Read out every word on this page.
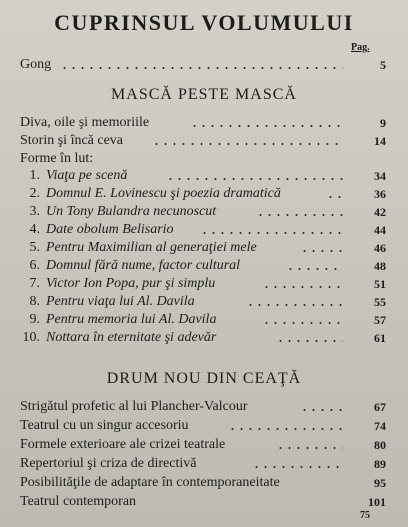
CUPRINSUL VOLUMULUI
Pag.
Gong	5
MASCĂ PESTE MASCĂ
Diva, oile şi memoriile	9
Storin şi încă ceva	14
Forme în lut:
1. Viaţa pe scenă	34
2. Domnul E. Lovinescu şi poezia dramatică	36
3. Un Tony Bulandra necunoscut	42
4. Date obolum Belisario	44
5. Pentru Maximilian al generaţiei mele	46
6. Domnul fără nume, factor cultural	48
7. Victor Ion Popa, pur şi simplu	51
8. Pentru viaţa lui Al. Davila	55
9. Pentru memoria lui Al. Davila	57
10. Nottara în eternitate şi adevăr	61
DRUM NOU DIN CEAŢĂ
Strigătul profetic al lui Plancher-Valcour	67
Teatrul cu un singur accesoriu	74
Formele exterioare ale crizei teatrale	80
Repertoriul şi criza de directivă	89
Posibilităţile de adaptare în contemporaneitate	95
Teatrul contemporan	101
75
